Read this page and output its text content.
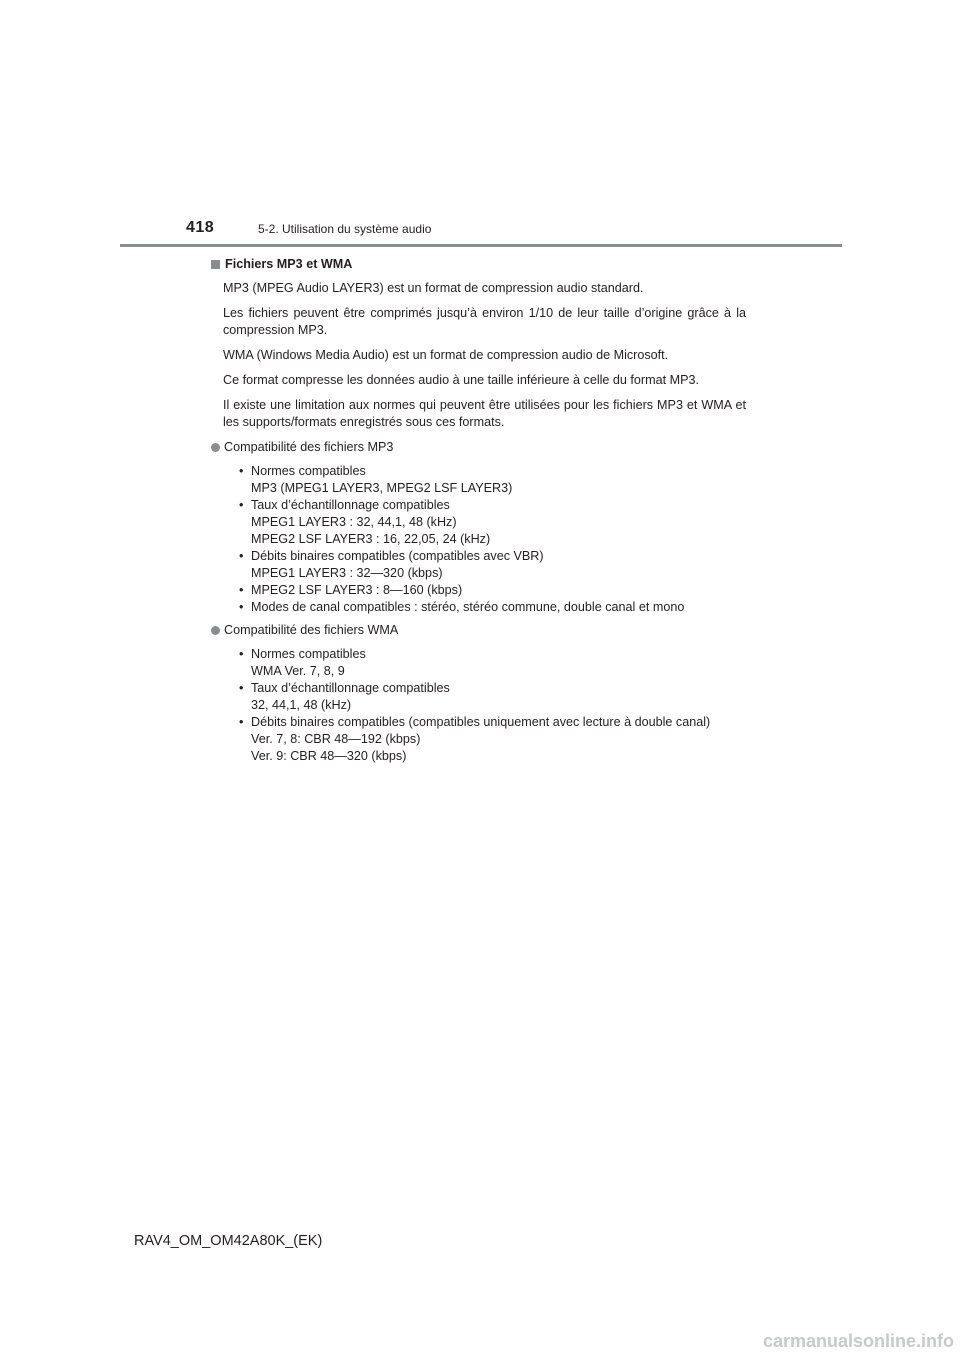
418	5-2. Utilisation du système audio
Fichiers MP3 et WMA

MP3 (MPEG Audio LAYER3) est un format de compression audio standard.

Les fichiers peuvent être comprimés jusqu’à environ 1/10 de leur taille d’origine grâce à la compression MP3.

WMA (Windows Media Audio) est un format de compression audio de Microsoft.

Ce format compresse les données audio à une taille inférieure à celle du format MP3.

Il existe une limitation aux normes qui peuvent être utilisées pour les fichiers MP3 et WMA et les supports/formats enregistrés sous ces formats.

Compatibilité des fichiers MP3
• Normes compatibles
MP3 (MPEG1 LAYER3, MPEG2 LSF LAYER3)
• Taux d’échantillonnage compatibles
MPEG1 LAYER3 : 32, 44,1, 48 (kHz)
MPEG2 LSF LAYER3 : 16, 22,05, 24 (kHz)
• Débits binaires compatibles (compatibles avec VBR)
MPEG1 LAYER3 : 32—320 (kbps)
• MPEG2 LSF LAYER3 : 8—160 (kbps)
• Modes de canal compatibles : stéréo, stéréo commune, double canal et mono
Compatibilité des fichiers WMA
• Normes compatibles
WMA Ver. 7, 8, 9
• Taux d’échantillonnage compatibles
32, 44,1, 48 (kHz)
• Débits binaires compatibles (compatibles uniquement avec lecture à double canal)
Ver. 7, 8: CBR 48—192 (kbps)
Ver. 9: CBR 48—320 (kbps)
RAV4_OM_OM42A80K_(EK)
carmanualsonline.info
